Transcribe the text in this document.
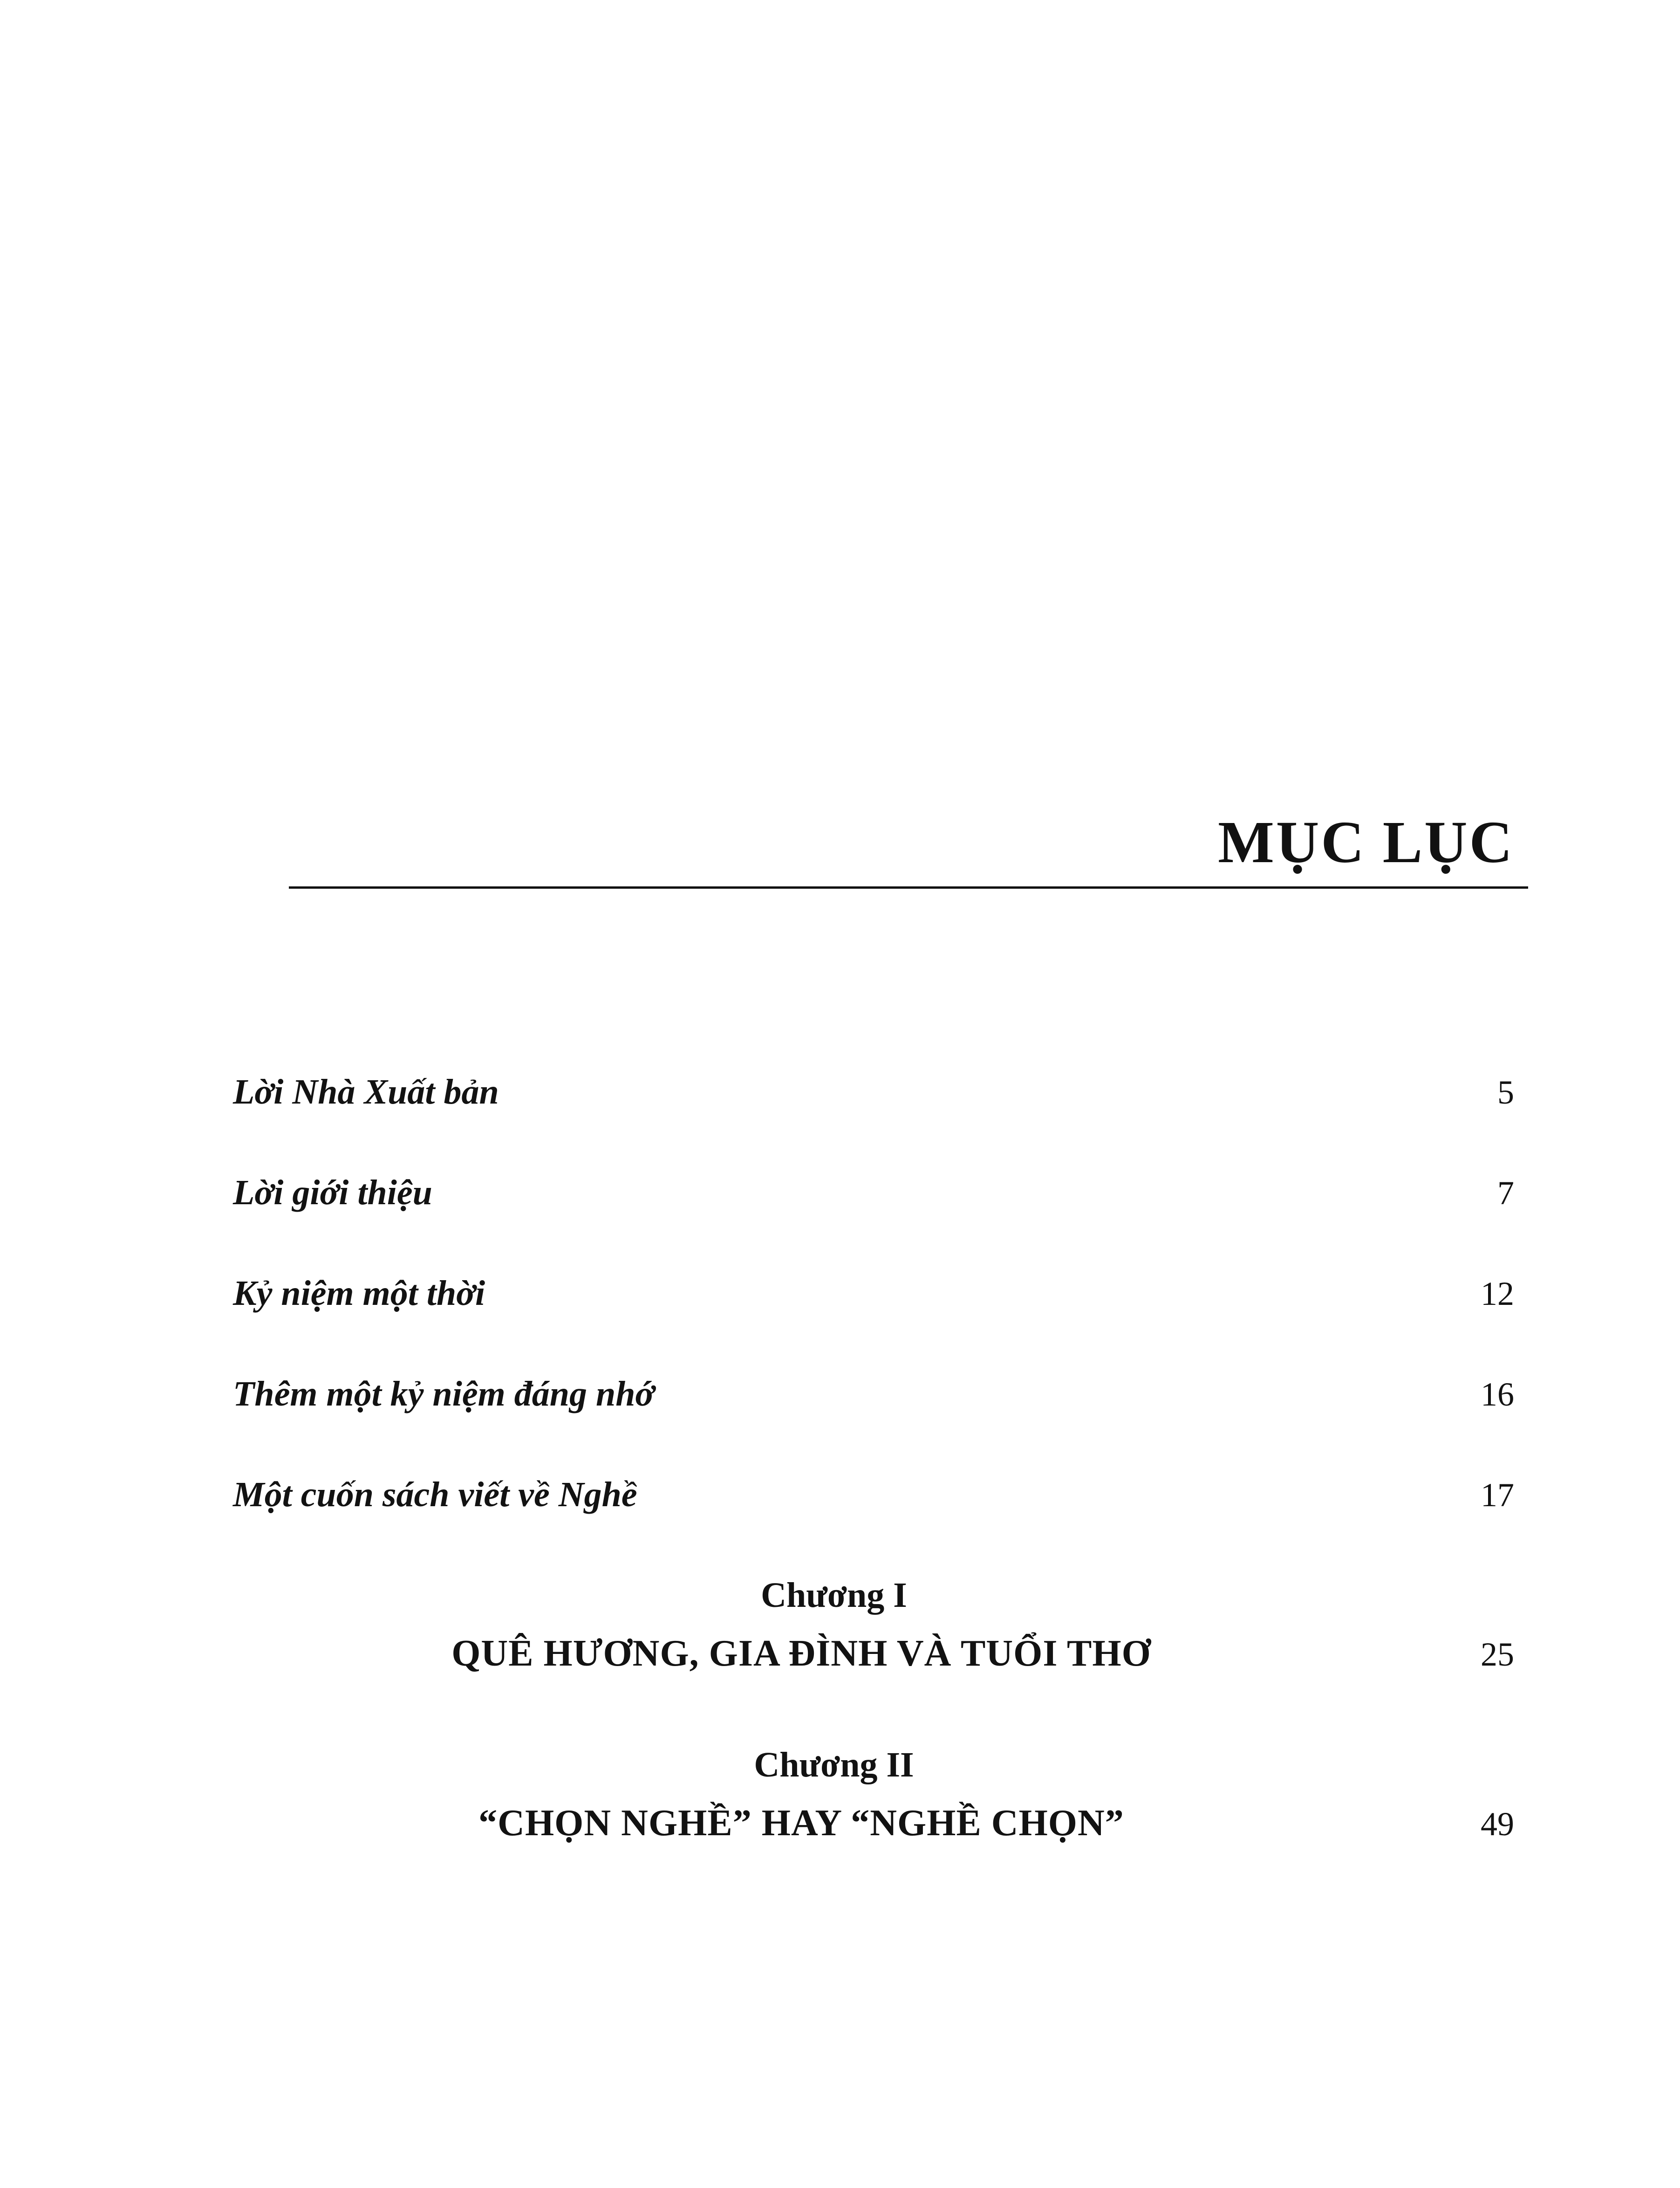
MỤC LỤC
Lời Nhà Xuất bản	5
Lời giới thiệu	7
Kỷ niệm một thời	12
Thêm một kỷ niệm đáng nhớ	16
Một cuốn sách viết về Nghề	17
Chương I
QUÊ HƯƠNG, GIA ĐÌNH VÀ TUỔI THƠ	25
Chương II
“CHỌN NGHỀ” HAY “NGHỀ CHỌN”	49
